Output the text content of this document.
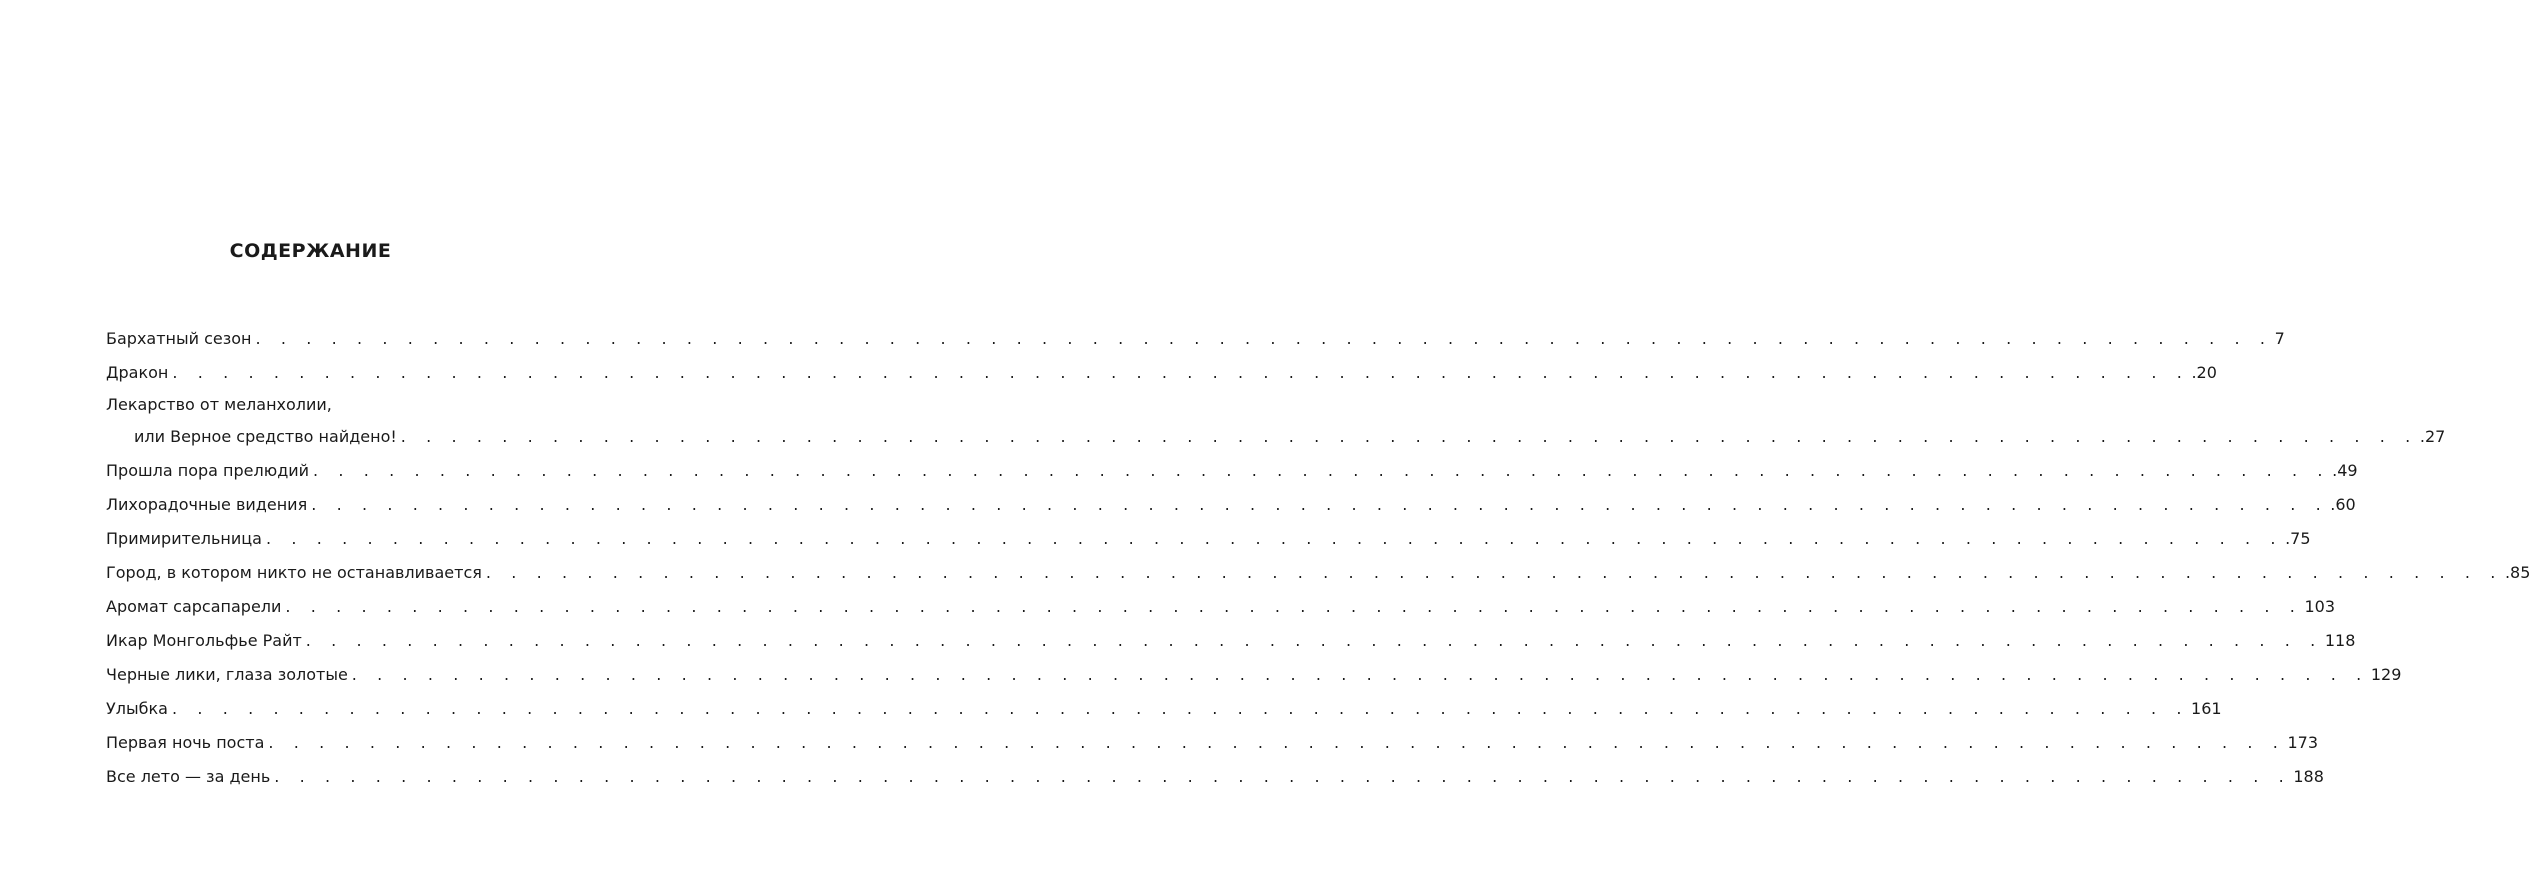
СОДЕРЖАНИЕ
Бархатный сезон . . . . . . . . . . . . . . . . . . . . . . . . . . . . . . . . . . . . . . . . . . . . . . . . . . . . . . . . . . . . . . . . . . . . . . . . . . . . . . . . 7
Дракон . . . . . . . . . . . . . . . . . . . . . . . . . . . . . . . . . . . . . . . . . . . . . . . . . . . . . . . . . . . . . . . . . . . . . . . . . . . . . . . . .20
Лекарство от меланхолии,
или Верное средство найдено! . . . . . . . . . . . . . . . . . . . . . . . . . . . . . . . . . . . . . . . . . . . . . . . . . . . . . . . . . . . . . . . . . . . . . . . . . . . . . . . . .27
Прошла пора прелюдий . . . . . . . . . . . . . . . . . . . . . . . . . . . . . . . . . . . . . . . . . . . . . . . . . . . . . . . . . . . . . . . . . . . . . . . . . . . . . . . . .49
Лихорадочные видения . . . . . . . . . . . . . . . . . . . . . . . . . . . . . . . . . . . . . . . . . . . . . . . . . . . . . . . . . . . . . . . . . . . . . . . . . . . . . . . . .60
Примирительница . . . . . . . . . . . . . . . . . . . . . . . . . . . . . . . . . . . . . . . . . . . . . . . . . . . . . . . . . . . . . . . . . . . . . . . . . . . . . . . . .75
Город, в котором никто не останавливается . . . . . . . . . . . . . . . . . . . . . . . . . . . . . . . . . . . . . . . . . . . . . . . . . . . . . . . . . . . . . . . . . . . . . . . . . . . . . . . . .85
Аромат сарсапарели . . . . . . . . . . . . . . . . . . . . . . . . . . . . . . . . . . . . . . . . . . . . . . . . . . . . . . . . . . . . . . . . . . . . . . . . . . . . . . . . 103
Икар Монгольфье Райт . . . . . . . . . . . . . . . . . . . . . . . . . . . . . . . . . . . . . . . . . . . . . . . . . . . . . . . . . . . . . . . . . . . . . . . . . . . . . . . . 118
Черные лики, глаза золотые . . . . . . . . . . . . . . . . . . . . . . . . . . . . . . . . . . . . . . . . . . . . . . . . . . . . . . . . . . . . . . . . . . . . . . . . . . . . . . . . 129
Улыбка . . . . . . . . . . . . . . . . . . . . . . . . . . . . . . . . . . . . . . . . . . . . . . . . . . . . . . . . . . . . . . . . . . . . . . . . . . . . . . . . 161
Первая ночь поста . . . . . . . . . . . . . . . . . . . . . . . . . . . . . . . . . . . . . . . . . . . . . . . . . . . . . . . . . . . . . . . . . . . . . . . . . . . . . . . . 173
Все лето — за день . . . . . . . . . . . . . . . . . . . . . . . . . . . . . . . . . . . . . . . . . . . . . . . . . . . . . . . . . . . . . . . . . . . . . . . . . . . . . . . . 188
